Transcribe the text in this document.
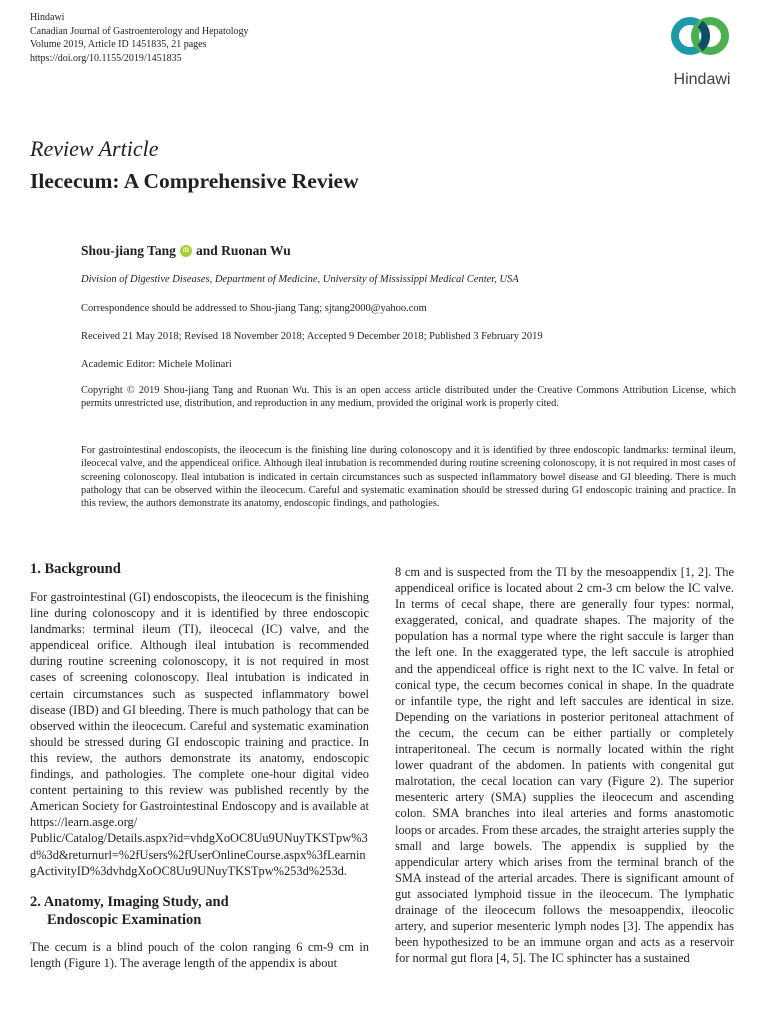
Hindawi
Canadian Journal of Gastroenterology and Hepatology
Volume 2019, Article ID 1451835, 21 pages
https://doi.org/10.1155/2019/1451835
Hindawi
Review Article
Ilececum: A Comprehensive Review
Shou-jiang Tang	iD and Ruonan Wu
Division of Digestive Diseases, Department of Medicine, University of Mississippi Medical Center, USA
Correspondence should be addressed to Shou-jiang Tang; sjtang2000@yahoo.com
Received 21 May 2018; Revised 18 November 2018; Accepted 9 December 2018; Published 3 February 2019
Academic Editor: Michele Molinari
Copyright © 2019 Shou-jiang Tang and Ruonan Wu. This is an open access article distributed under the Creative Commons Attribution License, which permits unrestricted use, distribution, and reproduction in any medium, provided the original work is properly cited.
For gastrointestinal endoscopists, the ileocecum is the finishing line during colonoscopy and it is identified by three endoscopic landmarks: terminal ileum, ileocecal valve, and the appendiceal orifice. Although ileal intubation is recommended during routine screening colonoscopy, it is not required in most cases of screening colonoscopy. Ileal intubation is indicated in certain circumstances such as suspected inflammatory bowel disease and GI bleeding. There is much pathology that can be observed within the ileocecum. Careful and systematic examination should be stressed during GI endoscopic training and practice. In this review, the authors demonstrate its anatomy, endoscopic findings, and pathologies.
1. Background
For gastrointestinal (GI) endoscopists, the ileocecum is the finishing line during colonoscopy and it is identified by three endoscopic landmarks: terminal ileum (TI), ileocecal (IC) valve, and the appendiceal orifice. Although ileal intubation is recommended during routine screening colonoscopy, it is not required in most cases of screening colonoscopy. Ileal intubation is indicated in certain circumstances such as suspected inflammatory bowel disease (IBD) and GI bleeding. There is much pathology that can be observed within the ileocecum. Careful and systematic examination should be stressed during GI endoscopic training and practice. In this review, the authors demonstrate its anatomy, endoscopic findings, and pathologies. The complete one-hour digital video content pertaining to this review was published recently by the American Society for Gastrointestinal Endoscopy and is available at https://learn.asge.org/
Public/Catalog/Details.aspx?id=vhdgXoOC8Uu9UNuyTKSTpw%3d%3d&returnurl=%2fUsers%2fUserOnlineCourse.aspx%3fLearningActivityID%3dvhdgXoOC8Uu9UNuyTKSTpw%253d%253d.
2. Anatomy, Imaging Study, and
Endoscopic Examination
The cecum is a blind pouch of the colon ranging 6 cm-9 cm in length (Figure 1). The average length of the appendix is about
8 cm and is suspected from the TI by the mesoappendix [1, 2]. The appendiceal orifice is located about 2 cm-3 cm below the IC valve. In terms of cecal shape, there are generally four types: normal, exaggerated, conical, and quadrate shapes. The majority of the population has a normal type where the right saccule is larger than the left one. In the exaggerated type, the left saccule is atrophied and the appendiceal office is right next to the IC valve. In fetal or conical type, the cecum becomes conical in shape. In the quadrate or infantile type, the right and left saccules are identical in size. Depending on the variations in posterior peritoneal attachment of the cecum, the cecum can be either partially or completely intraperitoneal. The cecum is normally located within the right lower quadrant of the abdomen. In patients with congenital gut malrotation, the cecal location can vary (Figure 2). The superior mesenteric artery (SMA) supplies the ileocecum and ascending colon. SMA branches into ileal arteries and forms anastomotic loops or arcades. From these arcades, the straight arteries supply the small and large bowels. The appendix is supplied by the appendicular artery which arises from the terminal branch of the SMA instead of the arterial arcades. There is significant amount of gut associated lymphoid tissue in the ileocecum. The lymphatic drainage of the ileocecum follows the mesoappendix, ileocolic artery, and superior mesenteric lymph nodes [3]. The appendix has been hypothesized to be an immune organ and acts as a reservoir for normal gut flora [4, 5]. The IC sphincter has a sustained
